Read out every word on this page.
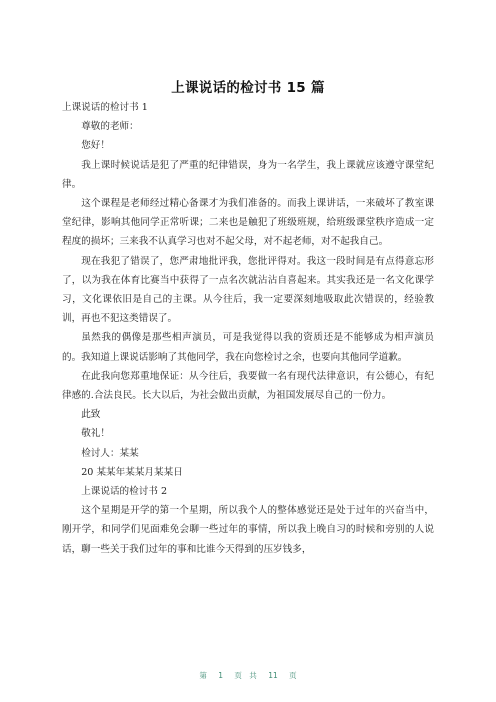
上课说话的检讨书 15 篇

上课说话的检讨书 1

尊敬的老师：

您好！

我上课时候说话是犯了严重的纪律错误，身为一名学生，我上课就应该遵守课堂纪律。

这个课程是老师经过精心备课才为我们准备的。而我上课讲话，一来破坏了教室课堂纪律，影响其他同学正常听课；二来也是触犯了班级班规，给班级课堂秩序造成一定程度的损坏；三来我不认真学习也对不起父母，对不起老师，对不起我自己。

现在我犯了错误了，您严肃地批评我，您批评得对。我这一段时间是有点得意忘形了，以为我在体育比赛当中获得了一点名次就沾沾自喜起来。其实我还是一名文化课学习，文化课依旧是自己的主课。从今往后，我一定要深刻地吸取此次错误的，经验教训，再也不犯这类错误了。

虽然我的偶像是那些相声演员，可是我觉得以我的资质还是不能够成为相声演员的。我知道上课说话影响了其他同学，我在向您检讨之余，也要向其他同学道歉。

在此我向您郑重地保证：从今往后，我要做一名有现代法律意识，有公德心，有纪律感的.合法良民。长大以后，为社会做出贡献，为祖国发展尽自己的一份力。

此致

敬礼！

检讨人：某某

20 某某年某某月某某日

上课说话的检讨书 2

这个星期是开学的第一个星期，所以我个人的整体感觉还是处于过年的兴奋当中，刚开学，和同学们见面难免会聊一些过年的事情，所以我上晚自习的时候和旁别的人说话，聊一些关于我们过年的事和比谁今天得到的压岁钱多，

第 1 页 共 11 页
